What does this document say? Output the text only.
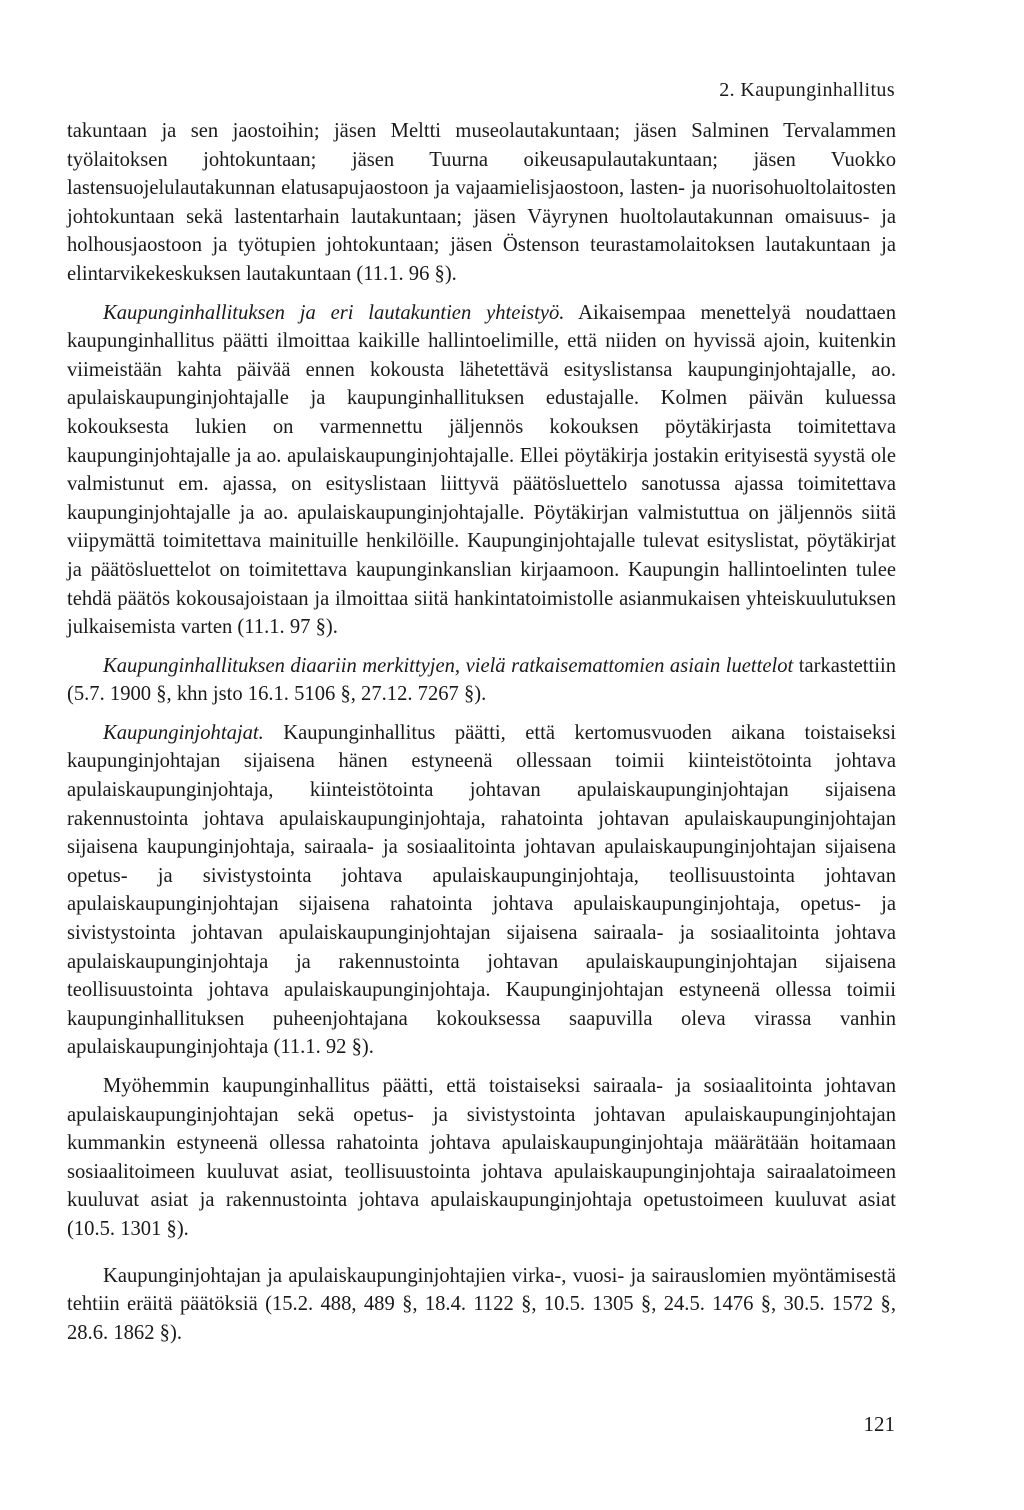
2. Kaupunginhallitus

takuntaan ja sen jaostoihin; jäsen Meltti museolautakuntaan; jäsen Salminen Tervalammen työlaitoksen johtokuntaan; jäsen Tuurna oikeusapulautakuntaan; jäsen Vuokko lastensuojelulautakunnan elatusapujaostoon ja vajaamielisjaostoon, lasten- ja nuorisohuoltolaitosten johtokuntaan sekä lastentarhain lautakuntaan; jäsen Väyrynen huoltolautakunnan omaisuus- ja holhousjaostoon ja työtupien johtokuntaan; jäsen Östenson teurastamolaitoksen lautakuntaan ja elintarvikekeskuksen lautakuntaan (11.1. 96 §).

Kaupunginhallituksen ja eri lautakuntien yhteistyö. Aikaisempaa menettelyä noudattaen kaupunginhallitus päätti ilmoittaa kaikille hallintoelimille, että niiden on hyvissä ajoin, kuitenkin viimeistään kahta päivää ennen kokousta lähetettävä esityslistansa kaupunginjohtajalle, ao. apulaiskaupunginjohtajalle ja kaupunginhallituksen edustajalle. Kolmen päivän kuluessa kokouksesta lukien on varmennettu jäljennös kokouksen pöytäkirjasta toimitettava kaupunginjohtajalle ja ao. apulaiskaupunginjohtajalle. Ellei pöytäkirja jostakin erityisestä syystä ole valmistunut em. ajassa, on esityslistaan liittyvä päätösluettelo sanotussa ajassa toimitettava kaupunginjohtajalle ja ao. apulaiskaupunginjohtajalle. Pöytäkirjan valmistuttua on jäljennös siitä viipymättä toimitettava mainituille henkilöille. Kaupunginjohtajalle tulevat esityslistat, pöytäkirjat ja päätösluettelot on toimitettava kaupunginkanslian kirjaamoon. Kaupungin hallintoelinten tulee tehdä päätös kokousajoistaan ja ilmoittaa siitä hankintatoimistolle asianmukaisen yhteiskuulutuksen julkaisemista varten (11.1. 97 §).

Kaupunginhallituksen diaariin merkittyjen, vielä ratkaisemattomien asiain luettelot tarkastettiin (5.7. 1900 §, khn jsto 16.1. 5106 §, 27.12. 7267 §).

Kaupunginjohtajat. Kaupunginhallitus päätti, että kertomusvuoden aikana toistaiseksi kaupunginjohtajan sijaisena hänen estyneenä ollessaan toimii kiinteistötointa johtava apulaiskaupunginjohtaja, kiinteistötointa johtavan apulaiskaupunginjohtajan sijaisena rakennustointa johtava apulaiskaupunginjohtaja, rahatointa johtavan apulaiskaupunginjohtajan sijaisena kaupunginjohtaja, sairaala- ja sosiaalitointa johtavan apulaiskaupunginjohtajan sijaisena opetus- ja sivistystointa johtava apulaiskaupunginjohtaja, teollisuustointa johtavan apulaiskaupunginjohtajan sijaisena rahatointa johtava apulaiskaupunginjohtaja, opetus- ja sivistystointa johtavan apulaiskaupunginjohtajan sijaisena sairaala- ja sosiaalitointa johtava apulaiskaupunginjohtaja ja rakennustointa johtavan apulaiskaupunginjohtajan sijaisena teollisuustointa johtava apulaiskaupunginjohtaja. Kaupunginjohtajan estyneenä ollessa toimii kaupunginhallituksen puheenjohtajana kokouksessa saapuvilla oleva virassa vanhin apulaiskaupunginjohtaja (11.1. 92 §).

Myöhemmin kaupunginhallitus päätti, että toistaiseksi sairaala- ja sosiaalitointa johtavan apulaiskaupunginjohtajan sekä opetus- ja sivistystointa johtavan apulaiskaupunginjohtajan kummankin estyneenä ollessa rahatointa johtava apulaiskaupunginjohtaja määrätään hoitamaan sosiaalitoimeen kuuluvat asiat, teollisuustointa johtava apulaiskaupunginjohtaja sairaalatoimeen kuuluvat asiat ja rakennustointa johtava apulaiskaupunginjohtaja opetustoimeen kuuluvat asiat (10.5. 1301 §).

Kaupunginjohtajan ja apulaiskaupunginjohtajien virka-, vuosi- ja sairauslomien myöntämisestä tehtiin eräitä päätöksiä (15.2. 488, 489 §, 18.4. 1122 §, 10.5. 1305 §, 24.5. 1476 §, 30.5. 1572 §, 28.6. 1862 §).

121
